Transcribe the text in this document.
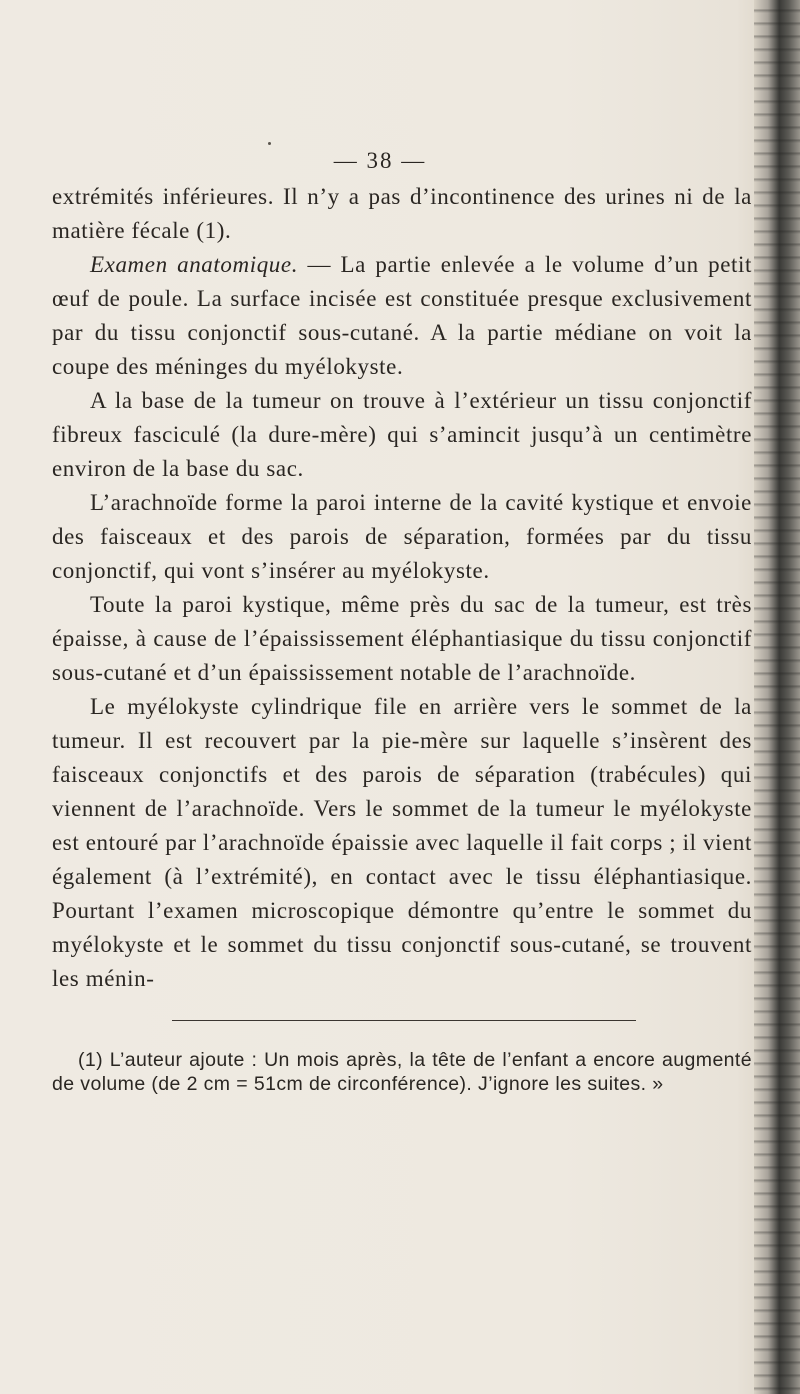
— 38 —

extrémités inférieures. Il n’y a pas d’incontinence des urines ni de la matière fécale (1).

Examen anatomique. — La partie enlevée a le volume d’un petit œuf de poule. La surface incisée est constituée presque exclusivement par du tissu conjonctif sous-cutané. A la partie médiane on voit la coupe des méninges du myélokyste.

A la base de la tumeur on trouve à l’extérieur un tissu conjonctif fibreux fasciculé (la dure-mère) qui s’amincit jusqu’à un centimètre environ de la base du sac.

L’arachnoïde forme la paroi interne de la cavité kystique et envoie des faisceaux et des parois de séparation, formées par du tissu conjonctif, qui vont s’insérer au myélokyste.

Toute la paroi kystique, même près du sac de la tumeur, est très épaisse, à cause de l’épaississement éléphantiasique du tissu conjonctif sous-cutané et d’un épaississement notable de l’arachnoïde.

Le myélokyste cylindrique file en arrière vers le sommet de la tumeur. Il est recouvert par la pie-mère sur laquelle s’insèrent des faisceaux conjonctifs et des parois de séparation (trabécules) qui viennent de l’arachnoïde. Vers le sommet de la tumeur le myélokyste est entouré par l’arachnoïde épaissie avec laquelle il fait corps ; il vient également (à l’extrémité), en contact avec le tissu éléphantiasique. Pourtant l’examen microscopique démontre qu’entre le sommet du myélokyste et le sommet du tissu conjonctif sous-cutané, se trouvent les ménin-

(1) L’auteur ajoute : Un mois après, la tête de l’enfant a encore augmenté de volume (de 2 cm = 51cm de circonférence). J’ignore les suites. »
